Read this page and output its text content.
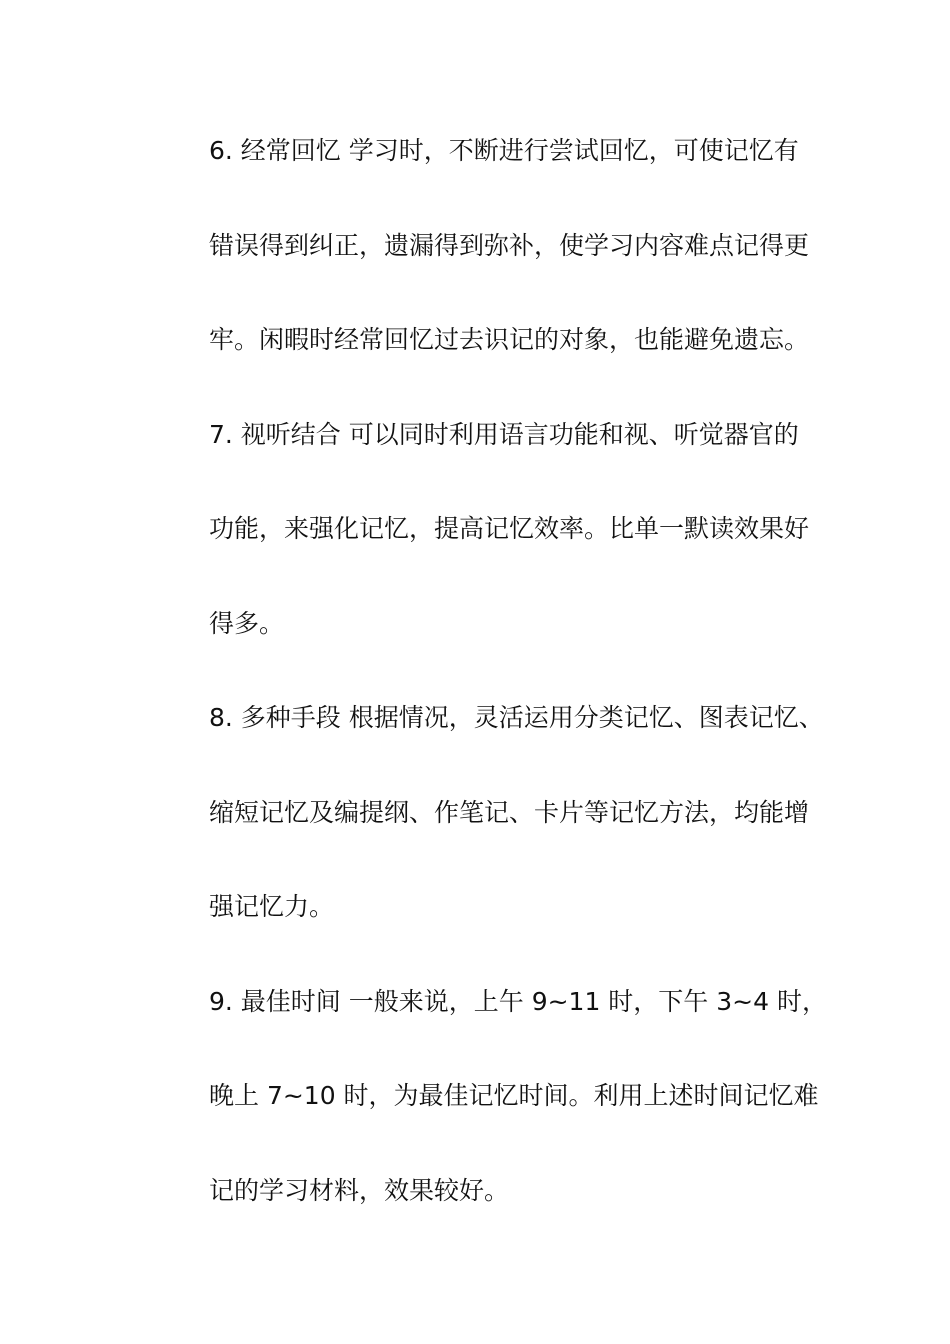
6. 经常回忆 学习时，不断进行尝试回忆，可使记忆有
错误得到纠正，遗漏得到弥补，使学习内容难点记得更
牢。闲暇时经常回忆过去识记的对象，也能避免遗忘。
7. 视听结合 可以同时利用语言功能和视、听觉器官的
功能，来强化记忆，提高记忆效率。比单一默读效果好
得多。
8. 多种手段 根据情况，灵活运用分类记忆、图表记忆、
缩短记忆及编提纲、作笔记、卡片等记忆方法，均能增
强记忆力。
9. 最佳时间 一般来说，上午 9~11 时，下午 3~4 时，
晚上 7~10 时，为最佳记忆时间。利用上述时间记忆难
记的学习材料，效果较好。
